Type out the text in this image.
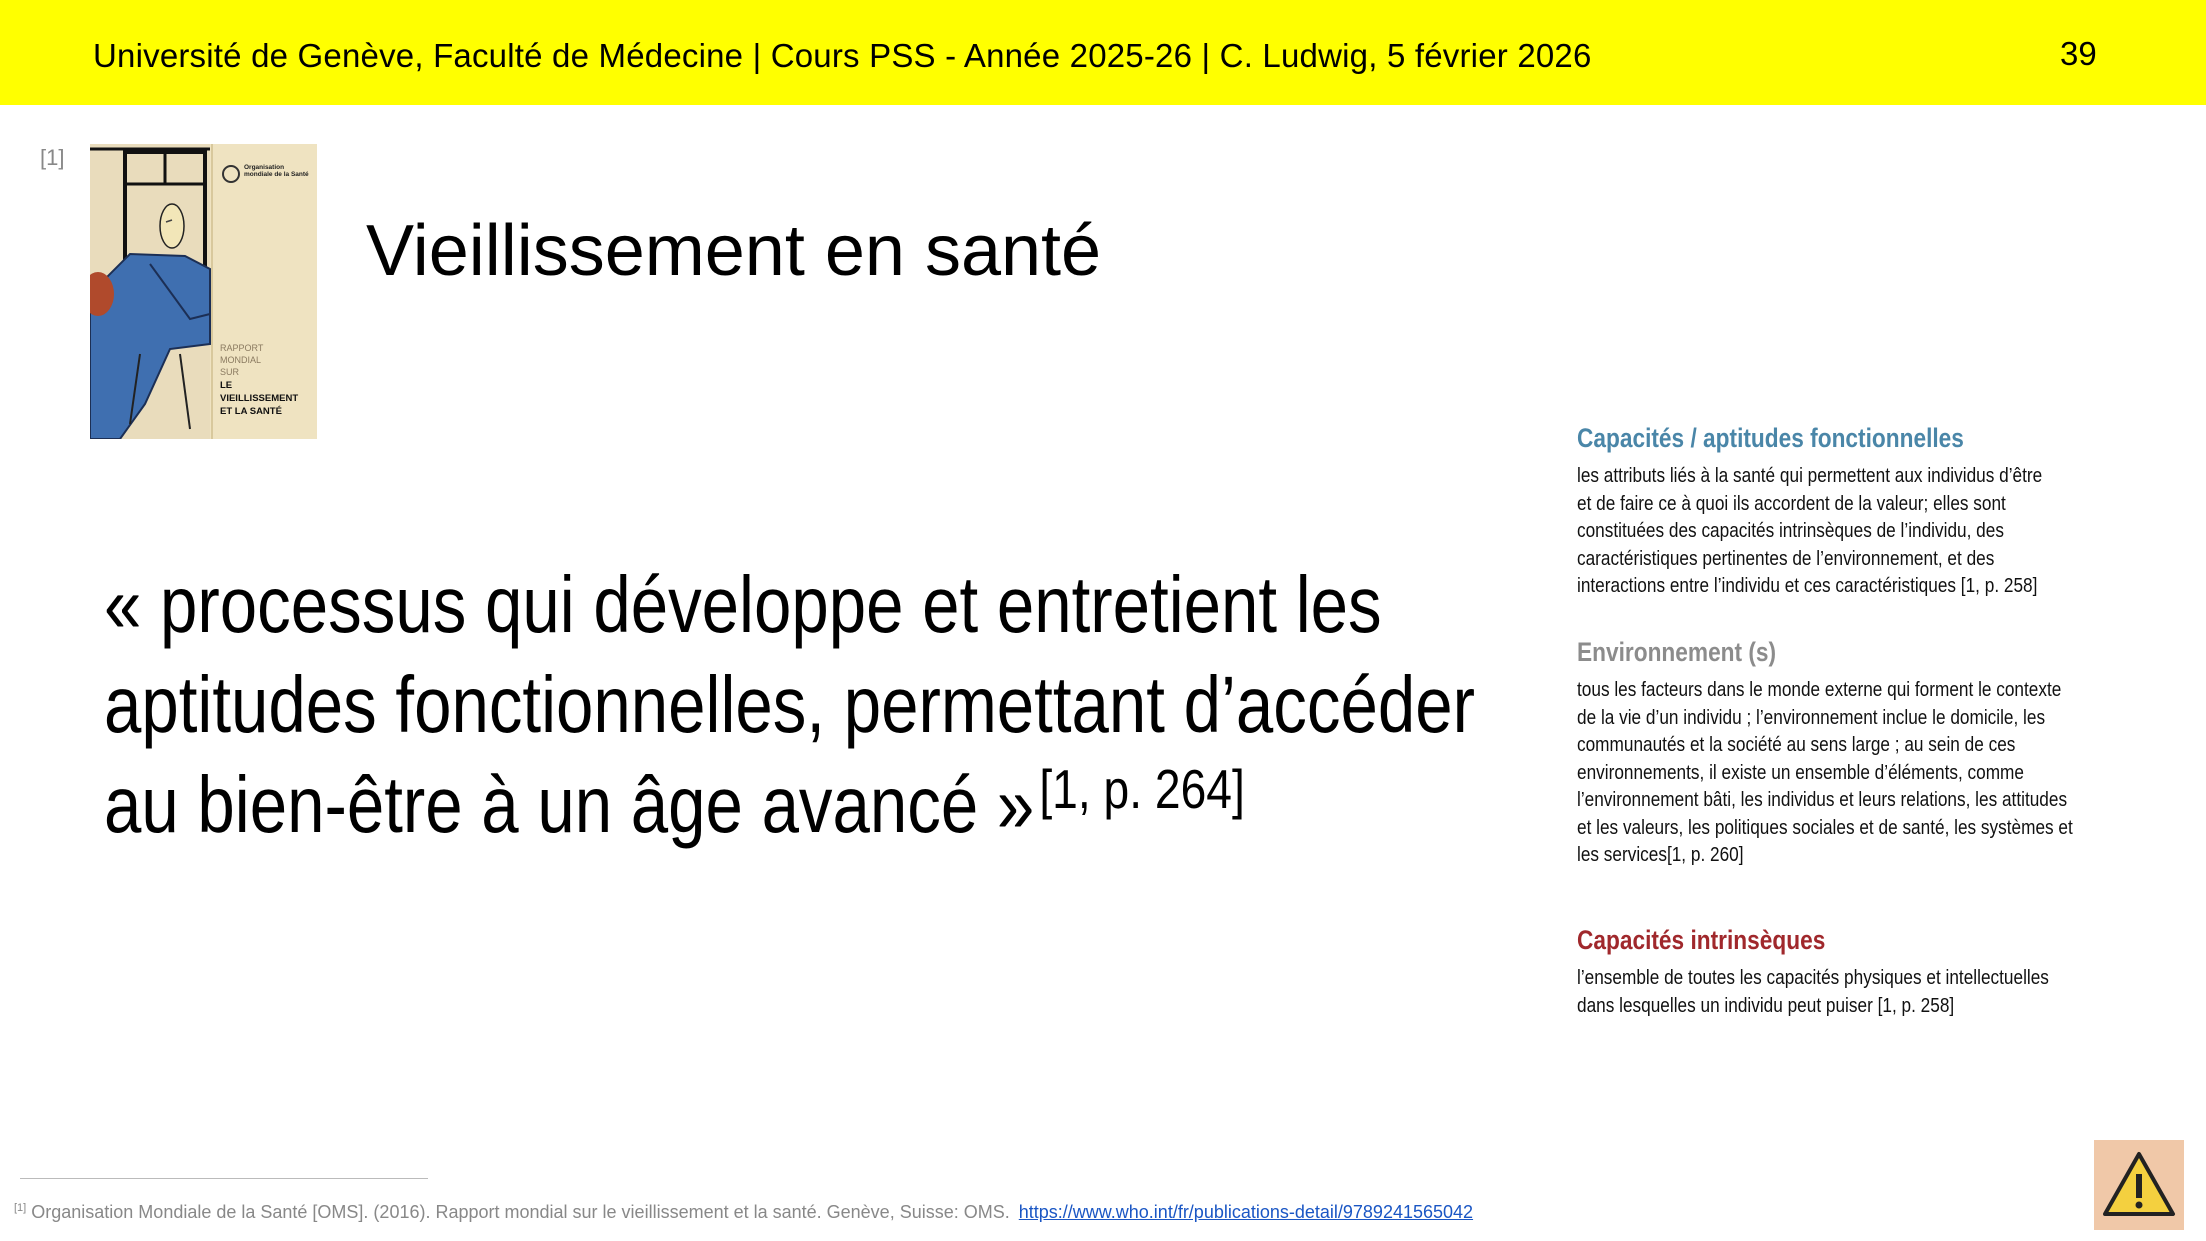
Université de Genève, Faculté de Médecine | Cours PSS - Année 2025-26 | C. Ludwig, 5 février 2026	39
[1]	Organisation mondiale de la Santé
RAPPORT
MONDIAL
SUR
LE
VIEILLISSEMENT
ET LA SANTÉ
Vieillissement en santé
« processus qui développe et entretient les
aptitudes fonctionnelles, permettant d’accéder
au bien-être à un âge avancé »[1, p. 264]
Capacités / aptitudes fonctionnelles

les attributs liés à la santé qui permettent aux individus d’être
et de faire ce à quoi ils accordent de la valeur; elles sont
constituées des capacités intrinsèques de l’individu, des
caractéristiques pertinentes de l’environnement, et des
interactions entre l’individu et ces caractéristiques [1, p. 258]

Environnement (s)

tous les facteurs dans le monde externe qui forment le contexte
de la vie d’un individu ; l’environnement inclue le domicile, les
communautés et la société au sens large ; au sein de ces
environnements, il existe un ensemble d’éléments, comme
l’environnement bâti, les individus et leurs relations, les attitudes
et les valeurs, les politiques sociales et de santé, les systèmes et
les services[1, p. 260]

Capacités intrinsèques

l’ensemble de toutes les capacités physiques et intellectuelles
dans lesquelles un individu peut puiser [1, p. 258]

[1] Organisation Mondiale de la Santé [OMS]. (2016). Rapport mondial sur le vieillissement et la santé. Genève, Suisse: OMS. https://www.who.int/fr/publications-detail/9789241565042
